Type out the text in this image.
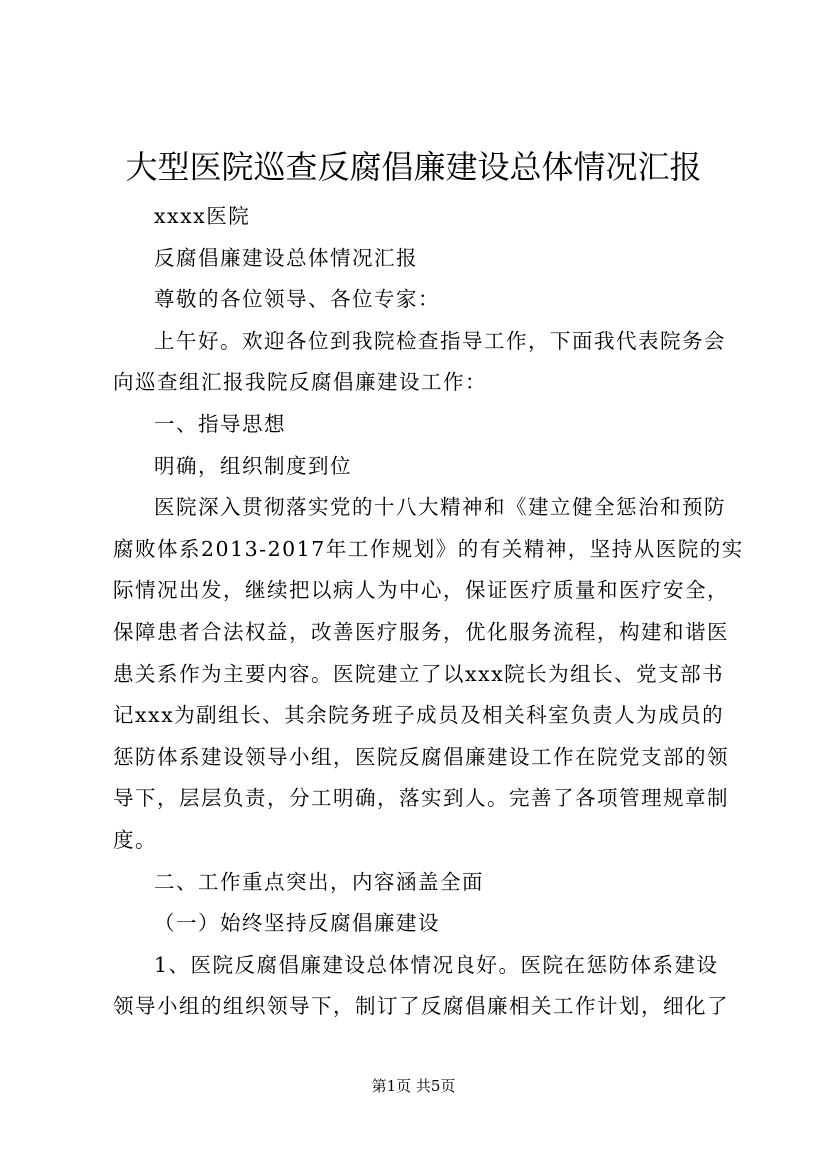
大型医院巡查反腐倡廉建设总体情况汇报
xxxx医院
反腐倡廉建设总体情况汇报
尊敬的各位领导、各位专家：
上午好。欢迎各位到我院检查指导工作，下面我代表院务会
向巡查组汇报我院反腐倡廉建设工作：
一、指导思想
明确，组织制度到位
医院深入贯彻落实党的十八大精神和《建立健全惩治和预防
腐败体系2013-2017年工作规划》的有关精神，坚持从医院的实
际情况出发，继续把以病人为中心，保证医疗质量和医疗安全，
保障患者合法权益，改善医疗服务，优化服务流程，构建和谐医
患关系作为主要内容。医院建立了以xxx院长为组长、党支部书
记xxx为副组长、其余院务班子成员及相关科室负责人为成员的
惩防体系建设领导小组，医院反腐倡廉建设工作在院党支部的领
导下，层层负责，分工明确，落实到人。完善了各项管理规章制
度。
二、工作重点突出，内容涵盖全面
（一）始终坚持反腐倡廉建设
1、医院反腐倡廉建设总体情况良好。医院在惩防体系建设
领导小组的组织领导下，制订了反腐倡廉相关工作计划，细化了
第1页 共5页
